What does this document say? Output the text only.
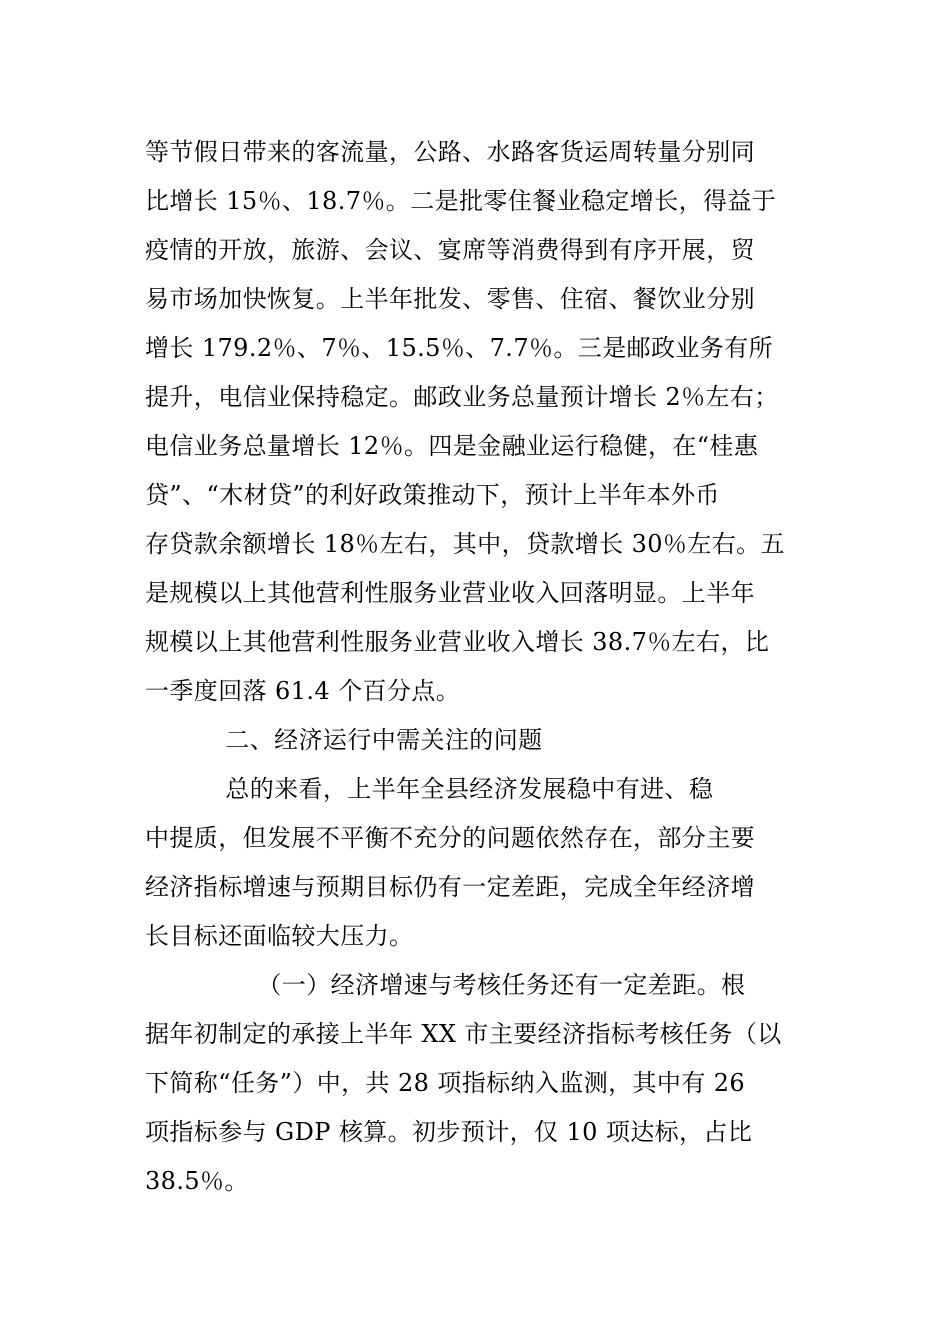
等节假日带来的客流量，公路、水路客货运周转量分别同
比增长 15％、18.7％。二是批零住餐业稳定增长，得益于
疫情的开放，旅游、会议、宴席等消费得到有序开展，贸
易市场加快恢复。上半年批发、零售、住宿、餐饮业分别
增长 179.2％、7％、15.5％、7.7％。三是邮政业务有所
提升，电信业保持稳定。邮政业务总量预计增长 2％左右；
电信业务总量增长 12％。四是金融业运行稳健，在“桂惠
贷”、“木材贷”的利好政策推动下，预计上半年本外币
存贷款余额增长 18％左右，其中，贷款增长 30％左右。五
是规模以上其他营利性服务业营业收入回落明显。上半年
规模以上其他营利性服务业营业收入增长 38.7％左右，比
一季度回落 61.4 个百分点。
二、经济运行中需关注的问题
总的来看，上半年全县经济发展稳中有进、稳
中提质，但发展不平衡不充分的问题依然存在，部分主要
经济指标增速与预期目标仍有一定差距，完成全年经济增
长目标还面临较大压力。
（一）经济增速与考核任务还有一定差距。根
据年初制定的承接上半年 XX 市主要经济指标考核任务（以
下简称“任务”）中，共 28 项指标纳入监测，其中有 26
项指标参与 GDP 核算。初步预计，仅 10 项达标，占比
38.5％。
